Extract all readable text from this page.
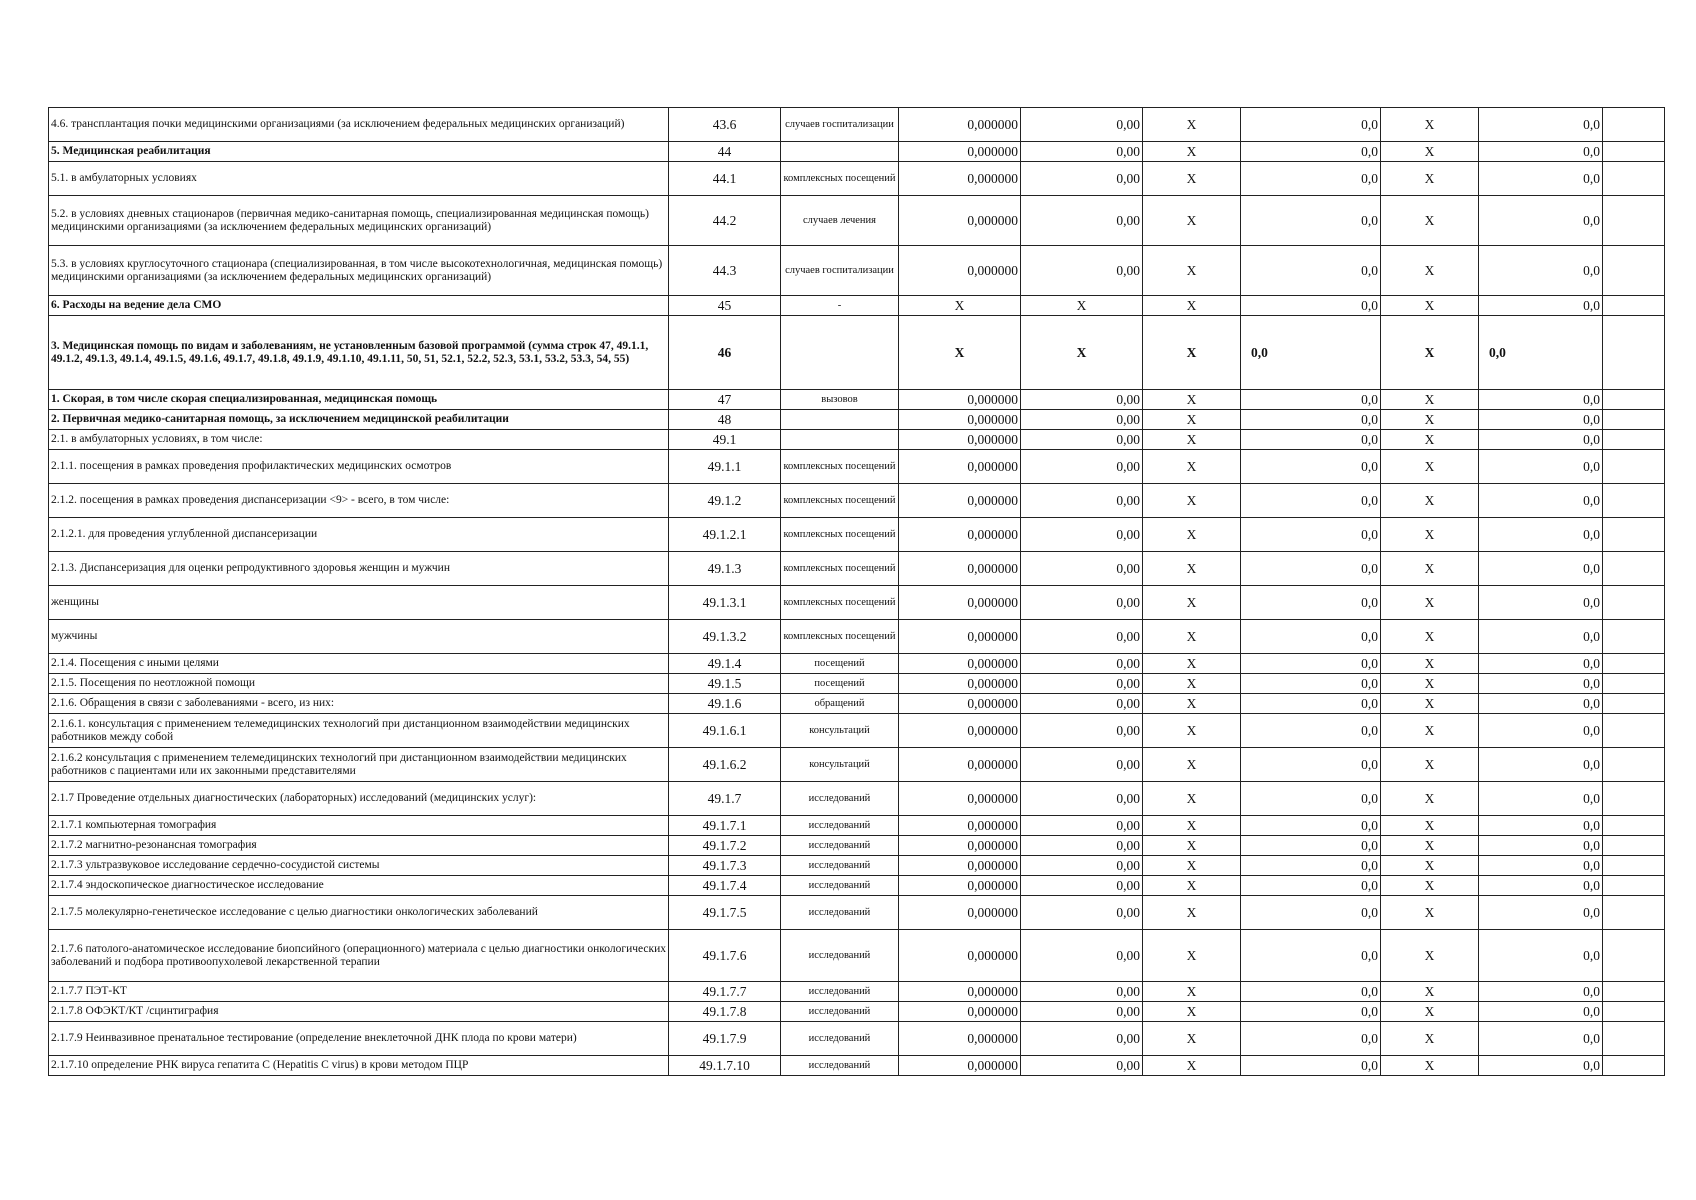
4.6. трансплантация почки медицинскими организациями (за исключением федеральных медицинских организаций)	43.6	случаев госпитализации	0,000000	0,00	X	0,0	X	0,0	
5. Медицинская реабилитация	44		0,000000	0,00	X	0,0	X	0,0	
5.1. в амбулаторных условиях	44.1	комплексных посещений	0,000000	0,00	X	0,0	X	0,0	
5.2. в условиях дневных стационаров (первичная медико-санитарная помощь, специализированная медицинская помощь) медицинскими организациями (за исключением федеральных медицинских организаций)	44.2	случаев лечения	0,000000	0,00	X	0,0	X	0,0	
5.3. в условиях круглосуточного стационара (специализированная, в том числе высокотехнологичная, медицинская помощь) медицинскими организациями (за исключением федеральных медицинских организаций)	44.3	случаев госпитализации	0,000000	0,00	X	0,0	X	0,0	
6. Расходы на ведение дела СМО	45	-	X	X	X	0,0	X	0,0	
3. Медицинская помощь по видам и заболеваниям, не установленным базовой программой (сумма строк 47, 49.1.1, 49.1.2, 49.1.3, 49.1.4, 49.1.5, 49.1.6, 49.1.7, 49.1.8, 49.1.9, 49.1.10, 49.1.11, 50, 51, 52.1, 52.2, 52.3, 53.1, 53.2, 53.3, 54, 55)	46		X	X	X	0,0	X	0,0	
1. Скорая, в том числе скорая специализированная, медицинская помощь	47	вызовов	0,000000	0,00	X	0,0	X	0,0	
2. Первичная медико-санитарная помощь, за исключением медицинской реабилитации	48		0,000000	0,00	X	0,0	X	0,0	
2.1. в амбулаторных условиях, в том числе:	49.1		0,000000	0,00	X	0,0	X	0,0	
2.1.1. посещения в рамках проведения профилактических медицинских осмотров	49.1.1	комплексных посещений	0,000000	0,00	X	0,0	X	0,0	
2.1.2. посещения в рамках проведения диспансеризации <9> - всего, в том числе:	49.1.2	комплексных посещений	0,000000	0,00	X	0,0	X	0,0	
2.1.2.1. для проведения углубленной диспансеризации	49.1.2.1	комплексных посещений	0,000000	0,00	X	0,0	X	0,0	
2.1.3. Диспансеризация для оценки репродуктивного здоровья женщин и мужчин	49.1.3	комплексных посещений	0,000000	0,00	X	0,0	X	0,0	
женщины	49.1.3.1	комплексных посещений	0,000000	0,00	X	0,0	X	0,0	
мужчины	49.1.3.2	комплексных посещений	0,000000	0,00	X	0,0	X	0,0	
2.1.4. Посещения с иными целями	49.1.4	посещений	0,000000	0,00	X	0,0	X	0,0	
2.1.5. Посещения по неотложной помощи	49.1.5	посещений	0,000000	0,00	X	0,0	X	0,0	
2.1.6. Обращения в связи с заболеваниями - всего, из них:	49.1.6	обращений	0,000000	0,00	X	0,0	X	0,0	
2.1.6.1. консультация с применением телемедицинских технологий при дистанционном взаимодействии медицинских работников между собой	49.1.6.1	консультаций	0,000000	0,00	X	0,0	X	0,0	
2.1.6.2 консультация с применением телемедицинских технологий при дистанционном взаимодействии медицинских работников с пациентами или их законными представителями	49.1.6.2	консультаций	0,000000	0,00	X	0,0	X	0,0	
2.1.7 Проведение отдельных диагностических (лабораторных) исследований (медицинских услуг):	49.1.7	исследований	0,000000	0,00	X	0,0	X	0,0	
2.1.7.1 компьютерная томография	49.1.7.1	исследований	0,000000	0,00	X	0,0	X	0,0	
2.1.7.2 магнитно-резонансная томография	49.1.7.2	исследований	0,000000	0,00	X	0,0	X	0,0	
2.1.7.3 ультразвуковое исследование сердечно-сосудистой системы	49.1.7.3	исследований	0,000000	0,00	X	0,0	X	0,0	
2.1.7.4 эндоскопическое диагностическое исследование	49.1.7.4	исследований	0,000000	0,00	X	0,0	X	0,0	
2.1.7.5 молекулярно-генетическое исследование с целью диагностики онкологических заболеваний	49.1.7.5	исследований	0,000000	0,00	X	0,0	X	0,0	
2.1.7.6 патолого-анатомическое исследование биопсийного (операционного) материала с целью диагностики онкологических заболеваний и подбора противоопухолевой лекарственной терапии	49.1.7.6	исследований	0,000000	0,00	X	0,0	X	0,0	
2.1.7.7 ПЭТ-КТ	49.1.7.7	исследований	0,000000	0,00	X	0,0	X	0,0	
2.1.7.8 ОФЭКТ/КТ /сцинтиграфия	49.1.7.8	исследований	0,000000	0,00	X	0,0	X	0,0	
2.1.7.9 Неинвазивное пренатальное тестирование (определение внеклеточной ДНК плода по крови матери)	49.1.7.9	исследований	0,000000	0,00	X	0,0	X	0,0	
2.1.7.10 определение РНК вируса гепатита С (Hepatitis C virus) в крови методом ПЦР	49.1.7.10	исследований	0,000000	0,00	X	0,0	X	0,0	
